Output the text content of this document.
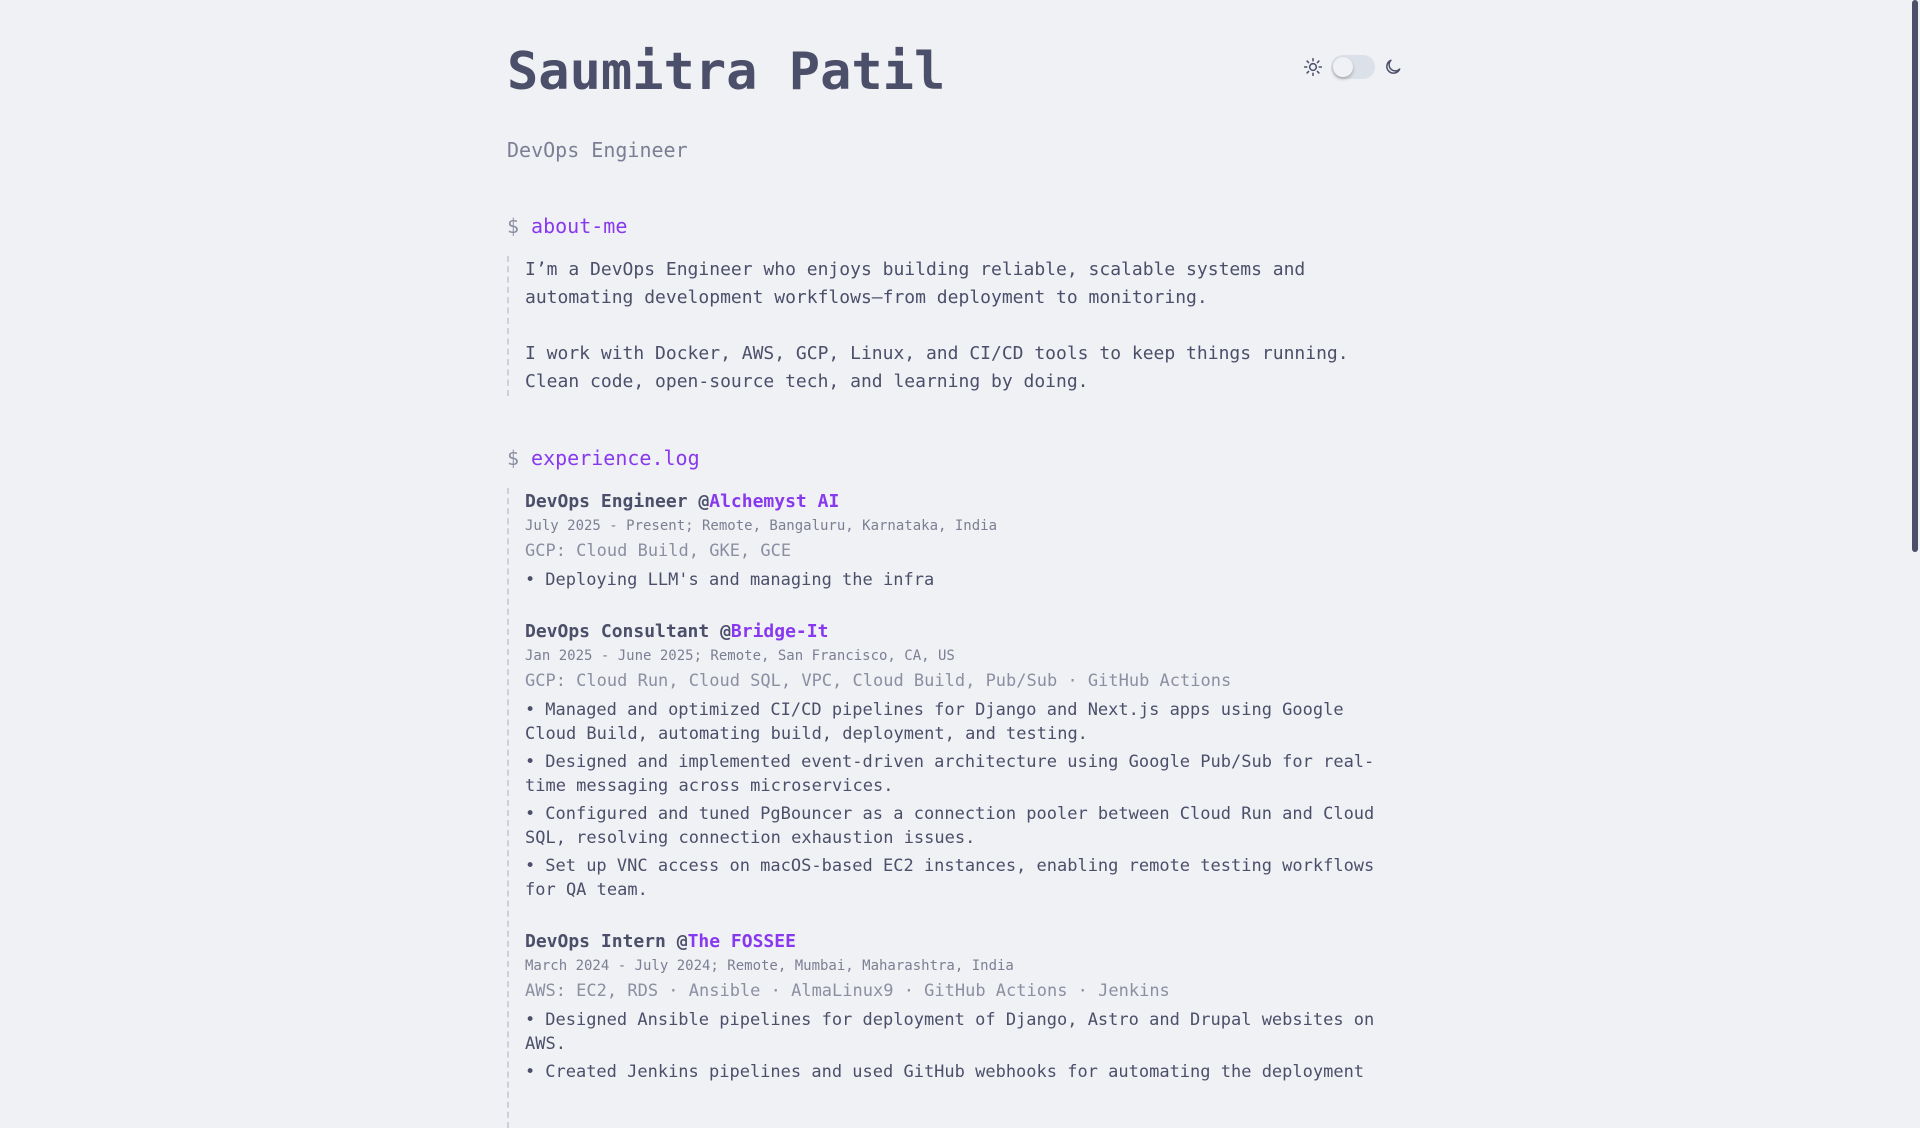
Saumitra Patil
DevOps Engineer
$ about-me

I’m a DevOps Engineer who enjoys building reliable, scalable systems and automating development workflows—from deployment to monitoring.

I work with Docker, AWS, GCP, Linux, and CI/CD tools to keep things running. Clean code, open-source tech, and learning by doing.

$ experience.log
DevOps Engineer @Alchemyst AI
July 2025 - Present; Remote, Bangaluru, Karnataka, India
GCP: Cloud Build, GKE, GCE
• Deploying LLM's and managing the infra
DevOps Consultant @Bridge-It
Jan 2025 - June 2025; Remote, San Francisco, CA, US
GCP: Cloud Run, Cloud SQL, VPC, Cloud Build, Pub/Sub · GitHub Actions
• Managed and optimized CI/CD pipelines for Django and Next.js apps using Google Cloud Build, automating build, deployment, and testing.
• Designed and implemented event-driven architecture using Google Pub/Sub for real-time messaging across microservices.
• Configured and tuned PgBouncer as a connection pooler between Cloud Run and Cloud SQL, resolving connection exhaustion issues.
• Set up VNC access on macOS-based EC2 instances, enabling remote testing workflows for QA team.
DevOps Intern @The FOSSEE
March 2024 - July 2024; Remote, Mumbai, Maharashtra, India
AWS: EC2, RDS · Ansible · AlmaLinux9 · GitHub Actions · Jenkins
• Designed Ansible pipelines for deployment of Django, Astro and Drupal websites on AWS.
• Created Jenkins pipelines and used GitHub webhooks for automating the deployment
